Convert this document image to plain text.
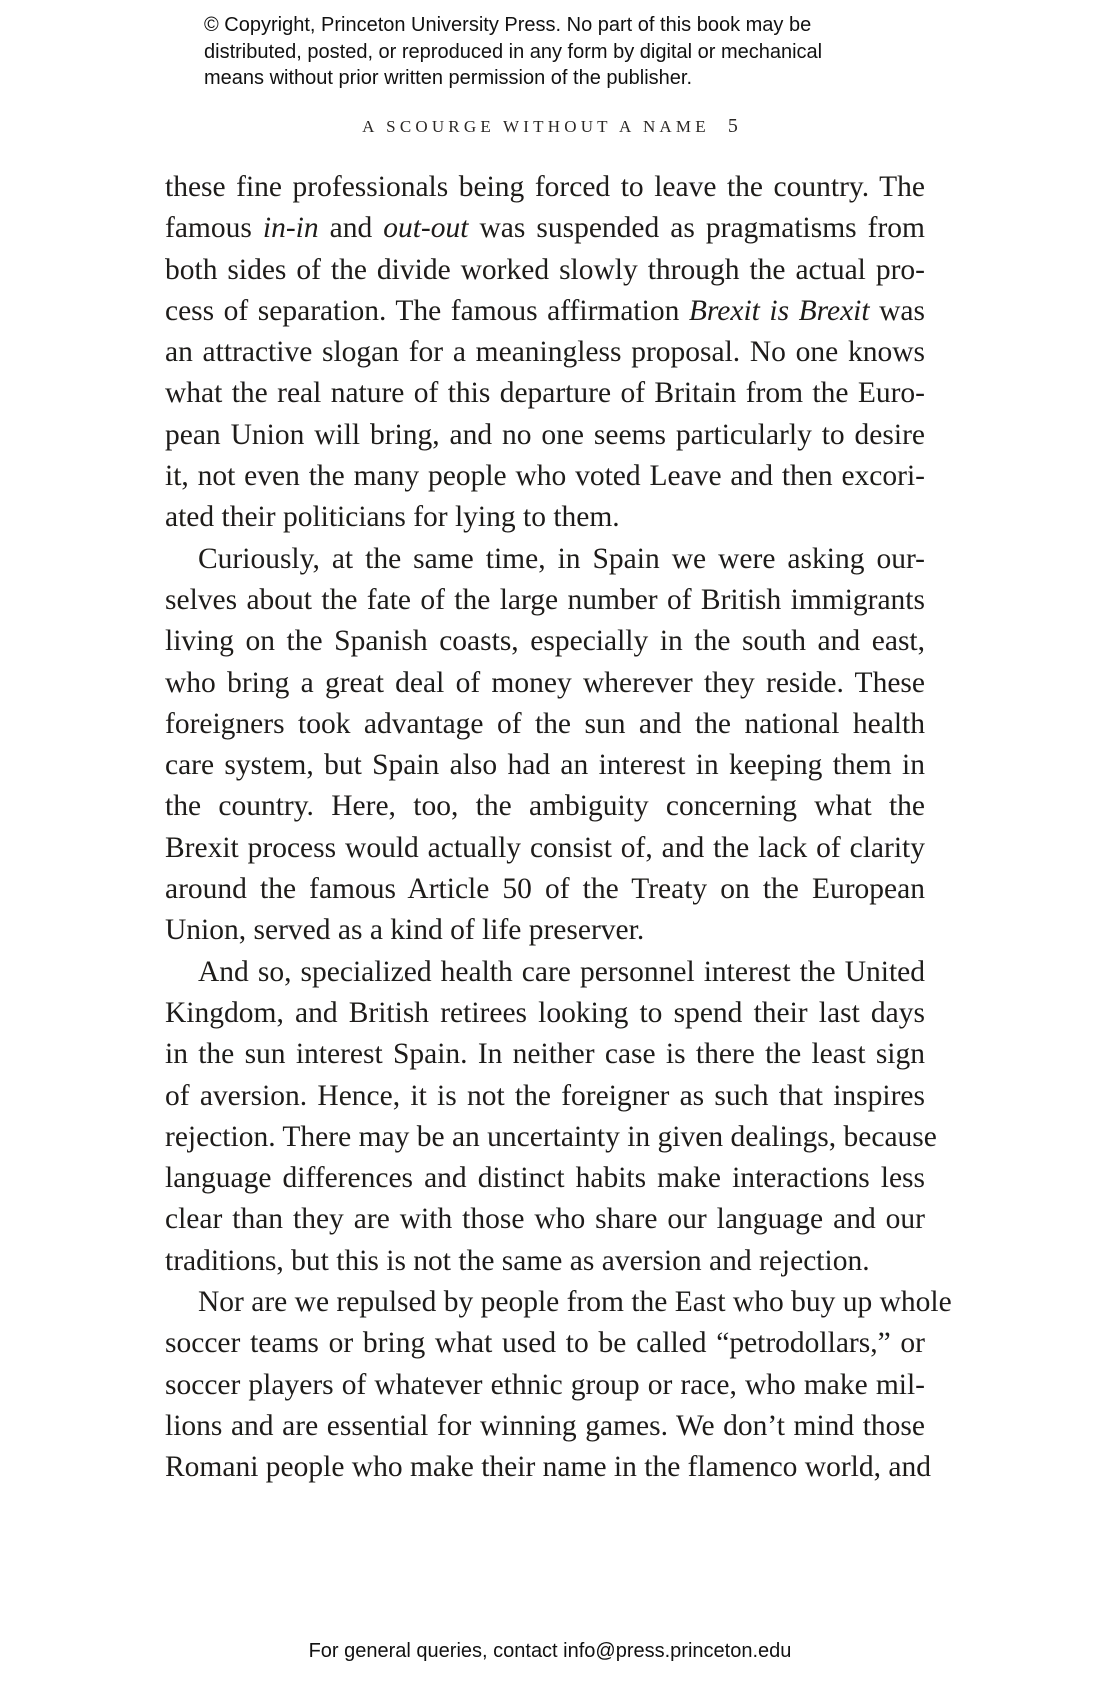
© Copyright, Princeton University Press. No part of this book may be
distributed, posted, or reproduced in any form by digital or mechanical
means without prior written permission of the publisher.
A SCOURGE WITHOUT A NAME 5
these fine professionals being forced to leave the country. The
famous in-in and out-out was suspended as pragmatisms from
both sides of the divide worked slowly through the actual pro-
cess of separation. The famous affirmation Brexit is Brexit was
an attractive slogan for a meaningless proposal. No one knows
what the real nature of this departure of Britain from the Euro-
pean Union will bring, and no one seems particularly to desire
it, not even the many people who voted Leave and then excori-
ated their politicians for lying to them.
Curiously, at the same time, in Spain we were asking our-
selves about the fate of the large number of British immigrants
living on the Spanish coasts, especially in the south and east,
who bring a great deal of money wherever they reside. These
foreigners took advantage of the sun and the national health
care system, but Spain also had an interest in keeping them in
the country. Here, too, the ambiguity concerning what the
Brexit process would actually consist of, and the lack of clarity
around the famous Article 50 of the Treaty on the European
Union, served as a kind of life preserver.
And so, specialized health care personnel interest the United
Kingdom, and British retirees looking to spend their last days
in the sun interest Spain. In neither case is there the least sign
of aversion. Hence, it is not the foreigner as such that inspires
rejection. There may be an uncertainty in given dealings, because
language differences and distinct habits make interactions less
clear than they are with those who share our language and our
traditions, but this is not the same as aversion and rejection.
Nor are we repulsed by people from the East who buy up whole
soccer teams or bring what used to be called “petrodollars,” or
soccer players of whatever ethnic group or race, who make mil-
lions and are essential for winning games. We don’t mind those
Romani people who make their name in the flamenco world, and
For general queries, contact info@press.princeton.edu
